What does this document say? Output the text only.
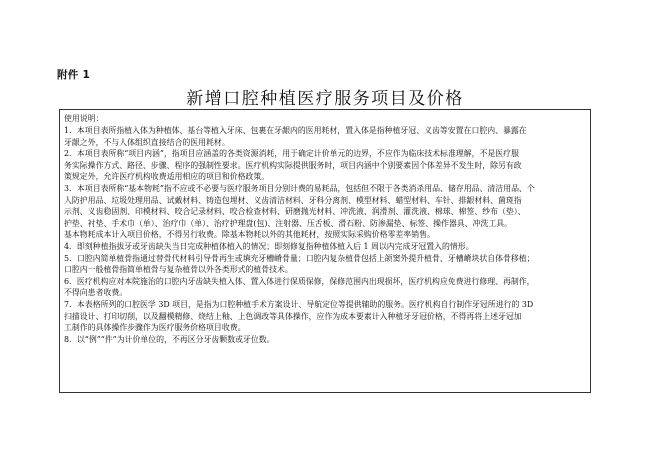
附件 1
新增口腔种植医疗服务项目及价格
使用说明：
1．本项目表所指植入体为种植体、基台等植入牙床、包裹在牙龈内的医用耗材，置入体是指种植牙冠、义齿等安置在口腔内、暴露在
牙龈之外，不与人体组织直接结合的医用耗材。
2．本项目表所称“项目内涵”，指项目应涵盖的各类资源消耗，用于确定计价单元的边界，不应作为临床技术标准理解，不是医疗服
务实际操作方式、路径、步骤、程序的强制性要求。医疗机构实际提供服务时，项目内涵中个别要素因个体差异不发生时，除另有政
策规定外，允许医疗机构收费适用相应的项目和价格政策。
3．本项目表所称“基本物耗”指不应或不必要与医疗服务项目分别计费的易耗品，包括但不限于各类消杀用品、储存用品、清洁用品、个
人防护用品、垃圾处理用品、试戴材料、铸造包埋材、义齿清洁材料、牙科分离剂、模型材料、蜡型材料、车针、排龈材料、菌斑指
示剂、义齿稳固剂、印模材料、咬合记录材料、咬合检查材料、研磨抛光材料、冲洗液、润滑剂、灌洗液、棉球、棉签、纱布（垫）、
护垫、衬垫、手术巾（单）、治疗巾（单）、治疗护理盘(包)、注射器、压舌板、滑石粉、防渗漏垫、标签、操作器具、冲洗工具。
基本物耗成本计入项目价格，不得另行收费。除基本物耗以外的其他耗材，按照实际采购价格零差率销售。
4．即刻种植指拔牙或牙齿缺失当日完成种植体植入的情况；即刻修复指种植体植入后 1 周以内完成牙冠置入的情形。
5．口腔内简单植骨指通过替骨代材料引导骨再生或填充牙槽嵴骨量；口腔内复杂植骨包括上颌窦外提升植骨、牙槽嵴块状自体骨移植；
口腔内一般植骨指简单植骨与复杂植骨以外各类形式的植骨技术。
6．医疗机构应对本院施治的口腔内牙齿缺失植入体、置入体进行保质保修，保修范围内出现损坏，医疗机构应免费进行修理、再制作，
不得向患者收费。
7．本表格所列的口腔医学 3D 项目，是指为口腔种植手术方案设计、导航定位等提供辅助的服务。医疗机构自行制作牙冠所进行的 3D
扫描设计、打印切削，以及翻模精修、烧结上釉、上色调改等具体操作，应作为成本要素计入种植牙牙冠价格，不得再将上述牙冠加
工制作的具体操作步骤作为医疗服务价格项目收费。
8．以“例”“件”为计价单位的，不再区分牙齿颗数或牙位数。
